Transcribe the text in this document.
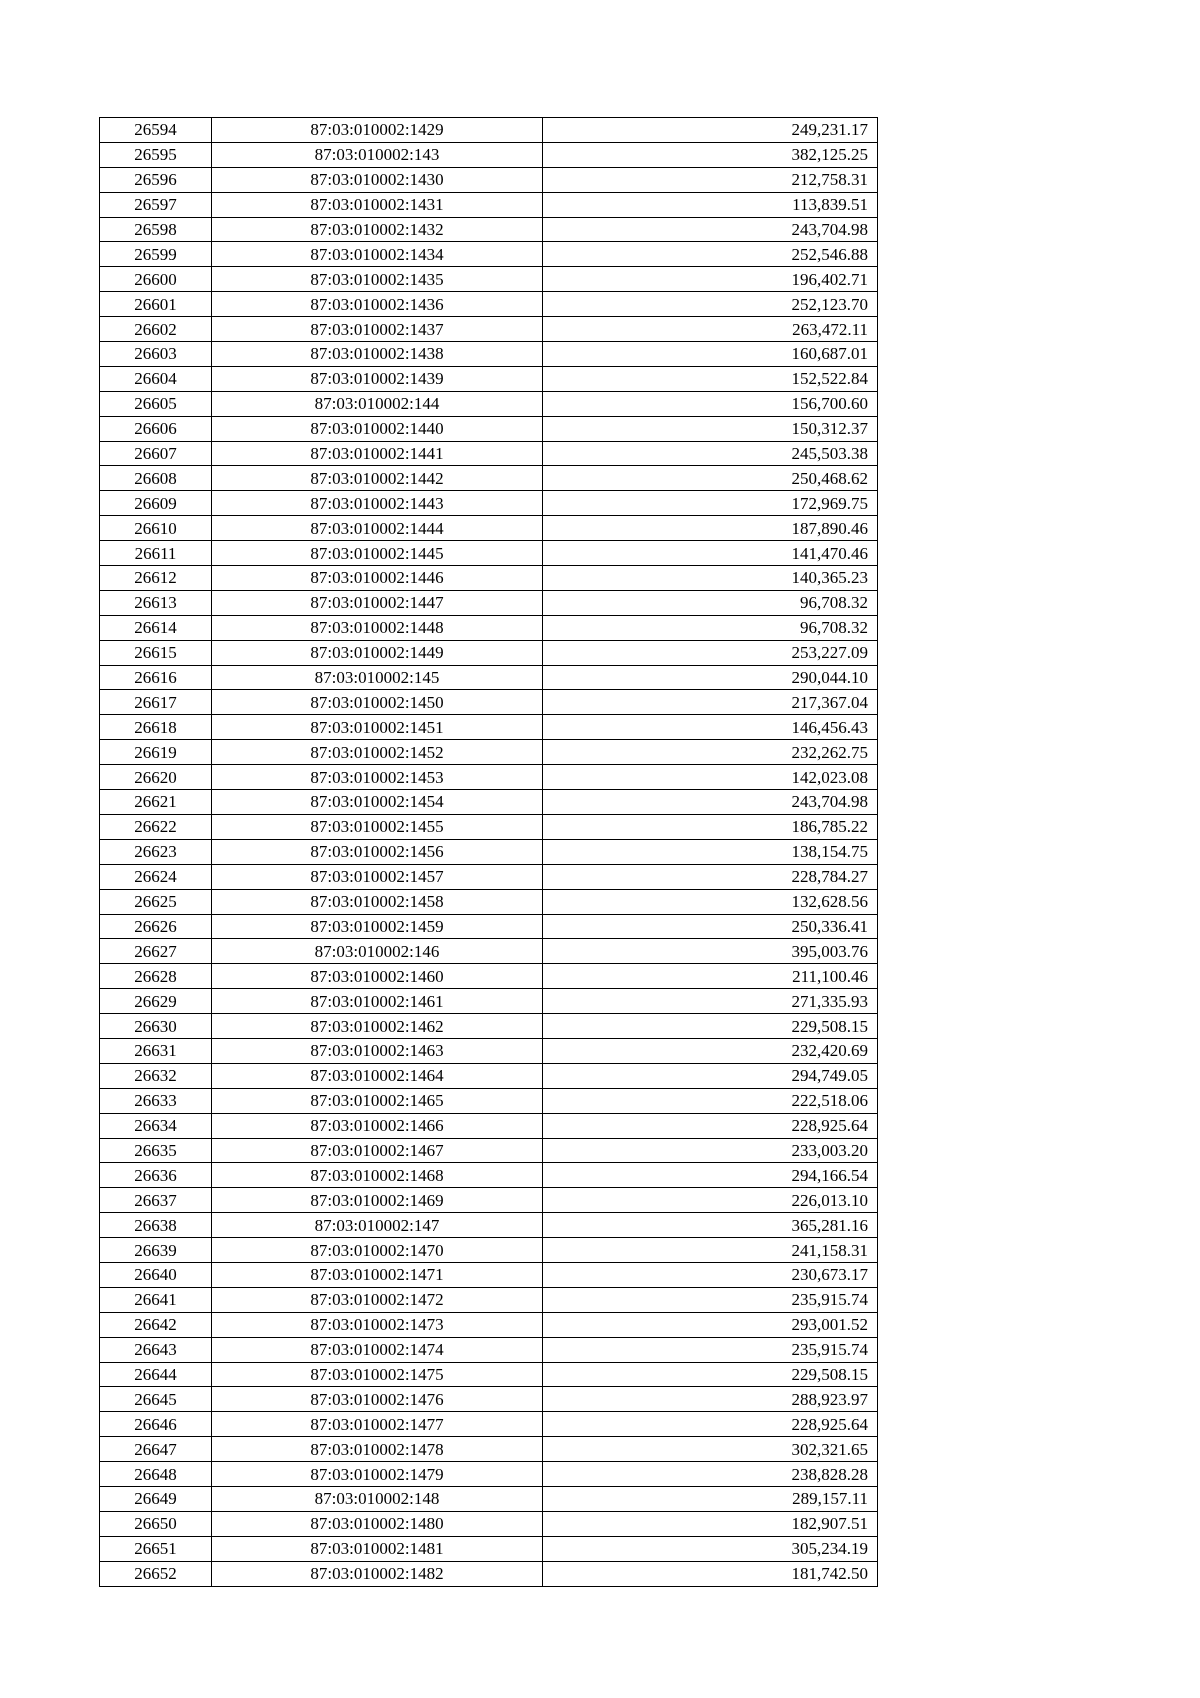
26594	87:03:010002:1429	249,231.17
26595	87:03:010002:143	382,125.25
26596	87:03:010002:1430	212,758.31
26597	87:03:010002:1431	113,839.51
26598	87:03:010002:1432	243,704.98
26599	87:03:010002:1434	252,546.88
26600	87:03:010002:1435	196,402.71
26601	87:03:010002:1436	252,123.70
26602	87:03:010002:1437	263,472.11
26603	87:03:010002:1438	160,687.01
26604	87:03:010002:1439	152,522.84
26605	87:03:010002:144	156,700.60
26606	87:03:010002:1440	150,312.37
26607	87:03:010002:1441	245,503.38
26608	87:03:010002:1442	250,468.62
26609	87:03:010002:1443	172,969.75
26610	87:03:010002:1444	187,890.46
26611	87:03:010002:1445	141,470.46
26612	87:03:010002:1446	140,365.23
26613	87:03:010002:1447	96,708.32
26614	87:03:010002:1448	96,708.32
26615	87:03:010002:1449	253,227.09
26616	87:03:010002:145	290,044.10
26617	87:03:010002:1450	217,367.04
26618	87:03:010002:1451	146,456.43
26619	87:03:010002:1452	232,262.75
26620	87:03:010002:1453	142,023.08
26621	87:03:010002:1454	243,704.98
26622	87:03:010002:1455	186,785.22
26623	87:03:010002:1456	138,154.75
26624	87:03:010002:1457	228,784.27
26625	87:03:010002:1458	132,628.56
26626	87:03:010002:1459	250,336.41
26627	87:03:010002:146	395,003.76
26628	87:03:010002:1460	211,100.46
26629	87:03:010002:1461	271,335.93
26630	87:03:010002:1462	229,508.15
26631	87:03:010002:1463	232,420.69
26632	87:03:010002:1464	294,749.05
26633	87:03:010002:1465	222,518.06
26634	87:03:010002:1466	228,925.64
26635	87:03:010002:1467	233,003.20
26636	87:03:010002:1468	294,166.54
26637	87:03:010002:1469	226,013.10
26638	87:03:010002:147	365,281.16
26639	87:03:010002:1470	241,158.31
26640	87:03:010002:1471	230,673.17
26641	87:03:010002:1472	235,915.74
26642	87:03:010002:1473	293,001.52
26643	87:03:010002:1474	235,915.74
26644	87:03:010002:1475	229,508.15
26645	87:03:010002:1476	288,923.97
26646	87:03:010002:1477	228,925.64
26647	87:03:010002:1478	302,321.65
26648	87:03:010002:1479	238,828.28
26649	87:03:010002:148	289,157.11
26650	87:03:010002:1480	182,907.51
26651	87:03:010002:1481	305,234.19
26652	87:03:010002:1482	181,742.50
